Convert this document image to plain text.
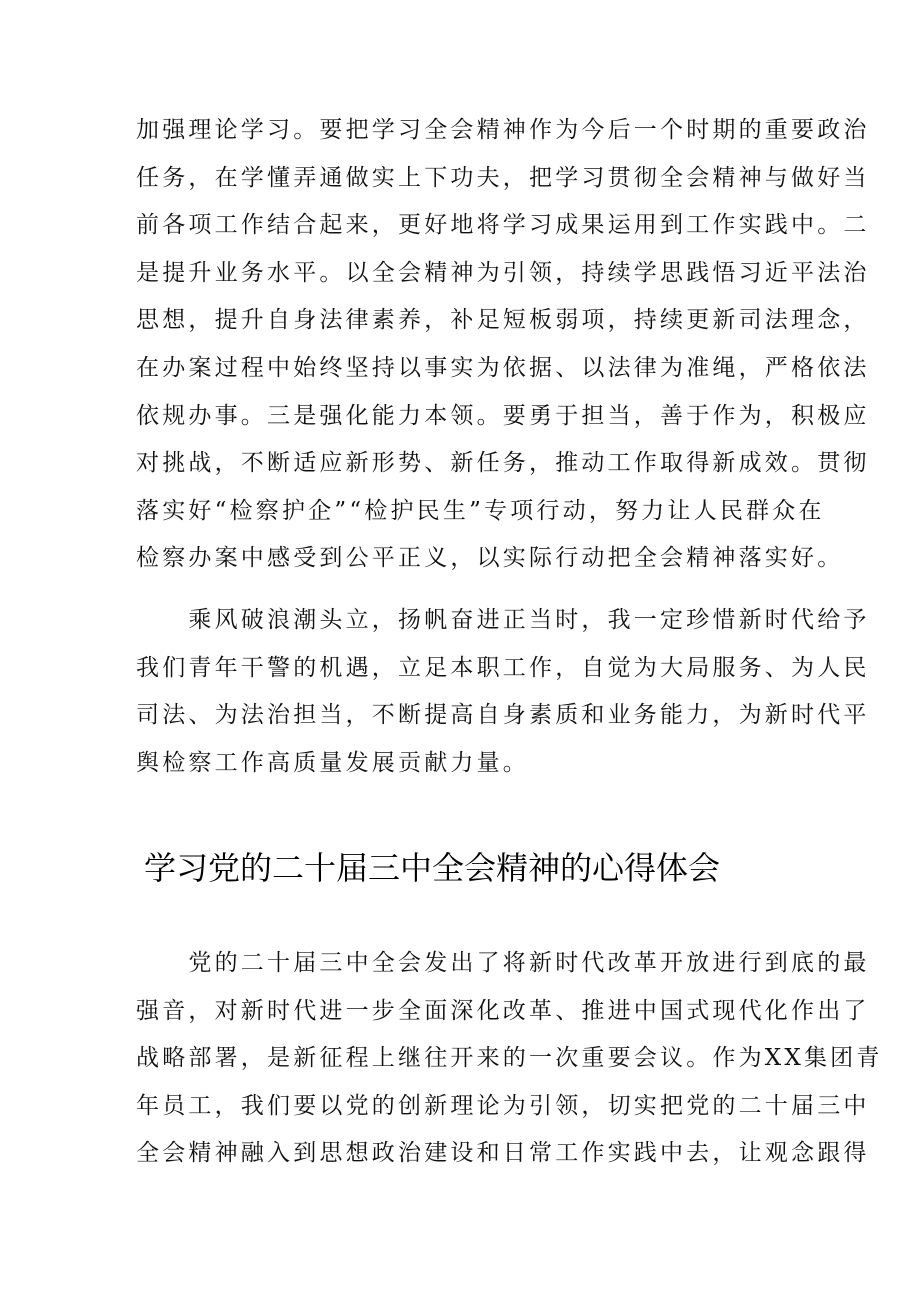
加强理论学习。要把学习全会精神作为今后一个时期的重要政治
任务，在学懂弄通做实上下功夫，把学习贯彻全会精神与做好当
前各项工作结合起来，更好地将学习成果运用到工作实践中。二
是提升业务水平。以全会精神为引领，持续学思践悟习近平法治
思想，提升自身法律素养，补足短板弱项，持续更新司法理念，
在办案过程中始终坚持以事实为依据、以法律为准绳，严格依法
依规办事。三是强化能力本领。要勇于担当，善于作为，积极应
对挑战，不断适应新形势、新任务，推动工作取得新成效。贯彻
落实好“检察护企”“检护民生”专项行动，努力让人民群众在
检察办案中感受到公平正义，以实际行动把全会精神落实好。

　　乘风破浪潮头立，扬帆奋进正当时，我一定珍惜新时代给予
我们青年干警的机遇，立足本职工作，自觉为大局服务、为人民
司法、为法治担当，不断提高自身素质和业务能力，为新时代平
舆检察工作高质量发展贡献力量。

学习党的二十届三中全会精神的心得体会

　　党的二十届三中全会发出了将新时代改革开放进行到底的最
强音，对新时代进一步全面深化改革、推进中国式现代化作出了
战略部署，是新征程上继往开来的一次重要会议。作为XX集团青
年员工，我们要以党的创新理论为引领，切实把党的二十届三中
全会精神融入到思想政治建设和日常工作实践中去，让观念跟得
